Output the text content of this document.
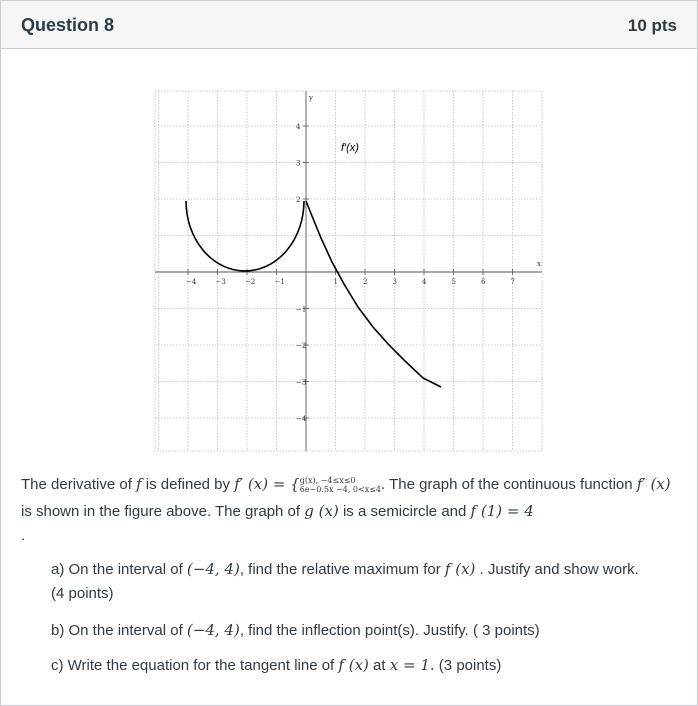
Question 8	10 pts
−4	−3	−2	−1	1	2	3	4	5	6	7
4
3
2
−1
−2
−3
−4
y
x
f′(x)
The derivative of f is defined by f′ (x) = { g(x), −4≤x≤0
6e−0.5x −4, 0<x≤4 . The graph of the continuous function f′ (x) is shown in the figure above. The graph of g (x) is a semicircle and f (1) = 4
.
a) On the interval of (−4, 4), find the relative maximum for f (x) . Justify and show work. (4 points)
b) On the interval of (−4, 4), find the inflection point(s). Justify. ( 3 points)
c) Write the equation for the tangent line of f (x) at x = 1. (3 points)
